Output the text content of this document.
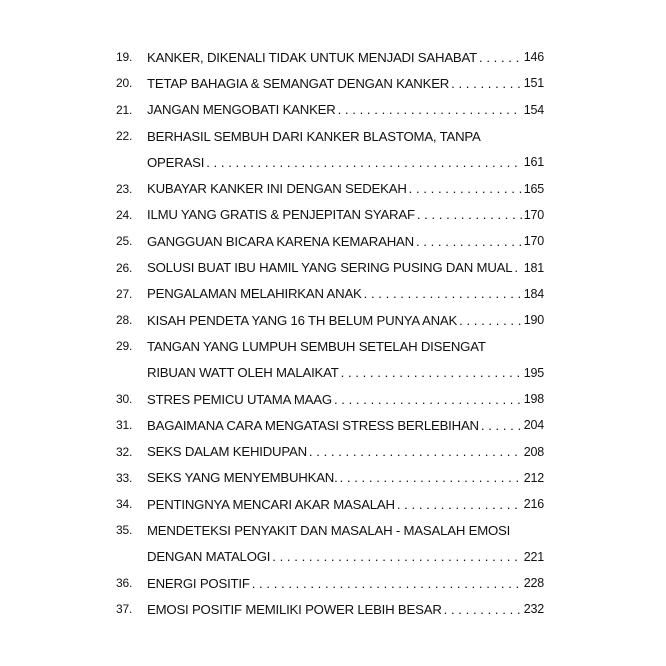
19.	KANKER, DIKENALI TIDAK UNTUK MENJADI SAHABAT . . .	146
20.	TETAP BAHAGIA & SEMANGAT DENGAN KANKER . . .	151
21.	JANGAN MENGOBATI KANKER . . .	154
22.	BERHASIL SEMBUH DARI KANKER BLASTOMA, TANPA
OPERASI . . .	161
23.	KUBAYAR KANKER INI DENGAN SEDEKAH . . .	165
24.	ILMU YANG GRATIS & PENJEPITAN SYARAF . . .	170
25.	GANGGUAN BICARA KARENA KEMARAHAN . . .	170
26.	SOLUSI BUAT IBU HAMIL YANG SERING PUSING DAN MUAL . . . 181
27.	PENGALAMAN MELAHIRKAN ANAK . . .	184
28.	KISAH PENDETA YANG 16 TH BELUM PUNYA ANAK . . .	190
29.	TANGAN YANG LUMPUH SEMBUH SETELAH DISENGAT
RIBUAN WATT OLEH MALAIKAT . . .	195
30.	STRES PEMICU UTAMA MAAG . . .	198
31.	BAGAIMANA CARA MENGATASI STRESS BERLEBIHAN . . .	204
32.	SEKS DALAM KEHIDUPAN . . .	208
33.	SEKS YANG MENYEMBUHKAN. . . .	212
34.	PENTINGNYA MENCARI AKAR MASALAH . . .	216
35.	MENDETEKSI PENYAKIT DAN MASALAH - MASALAH EMOSI
DENGAN MATALOGI . . .	221
36.	ENERGI POSITIF . . .	228
37.	EMOSI POSITIF MEMILIKI POWER LEBIH BESAR . . .	232
